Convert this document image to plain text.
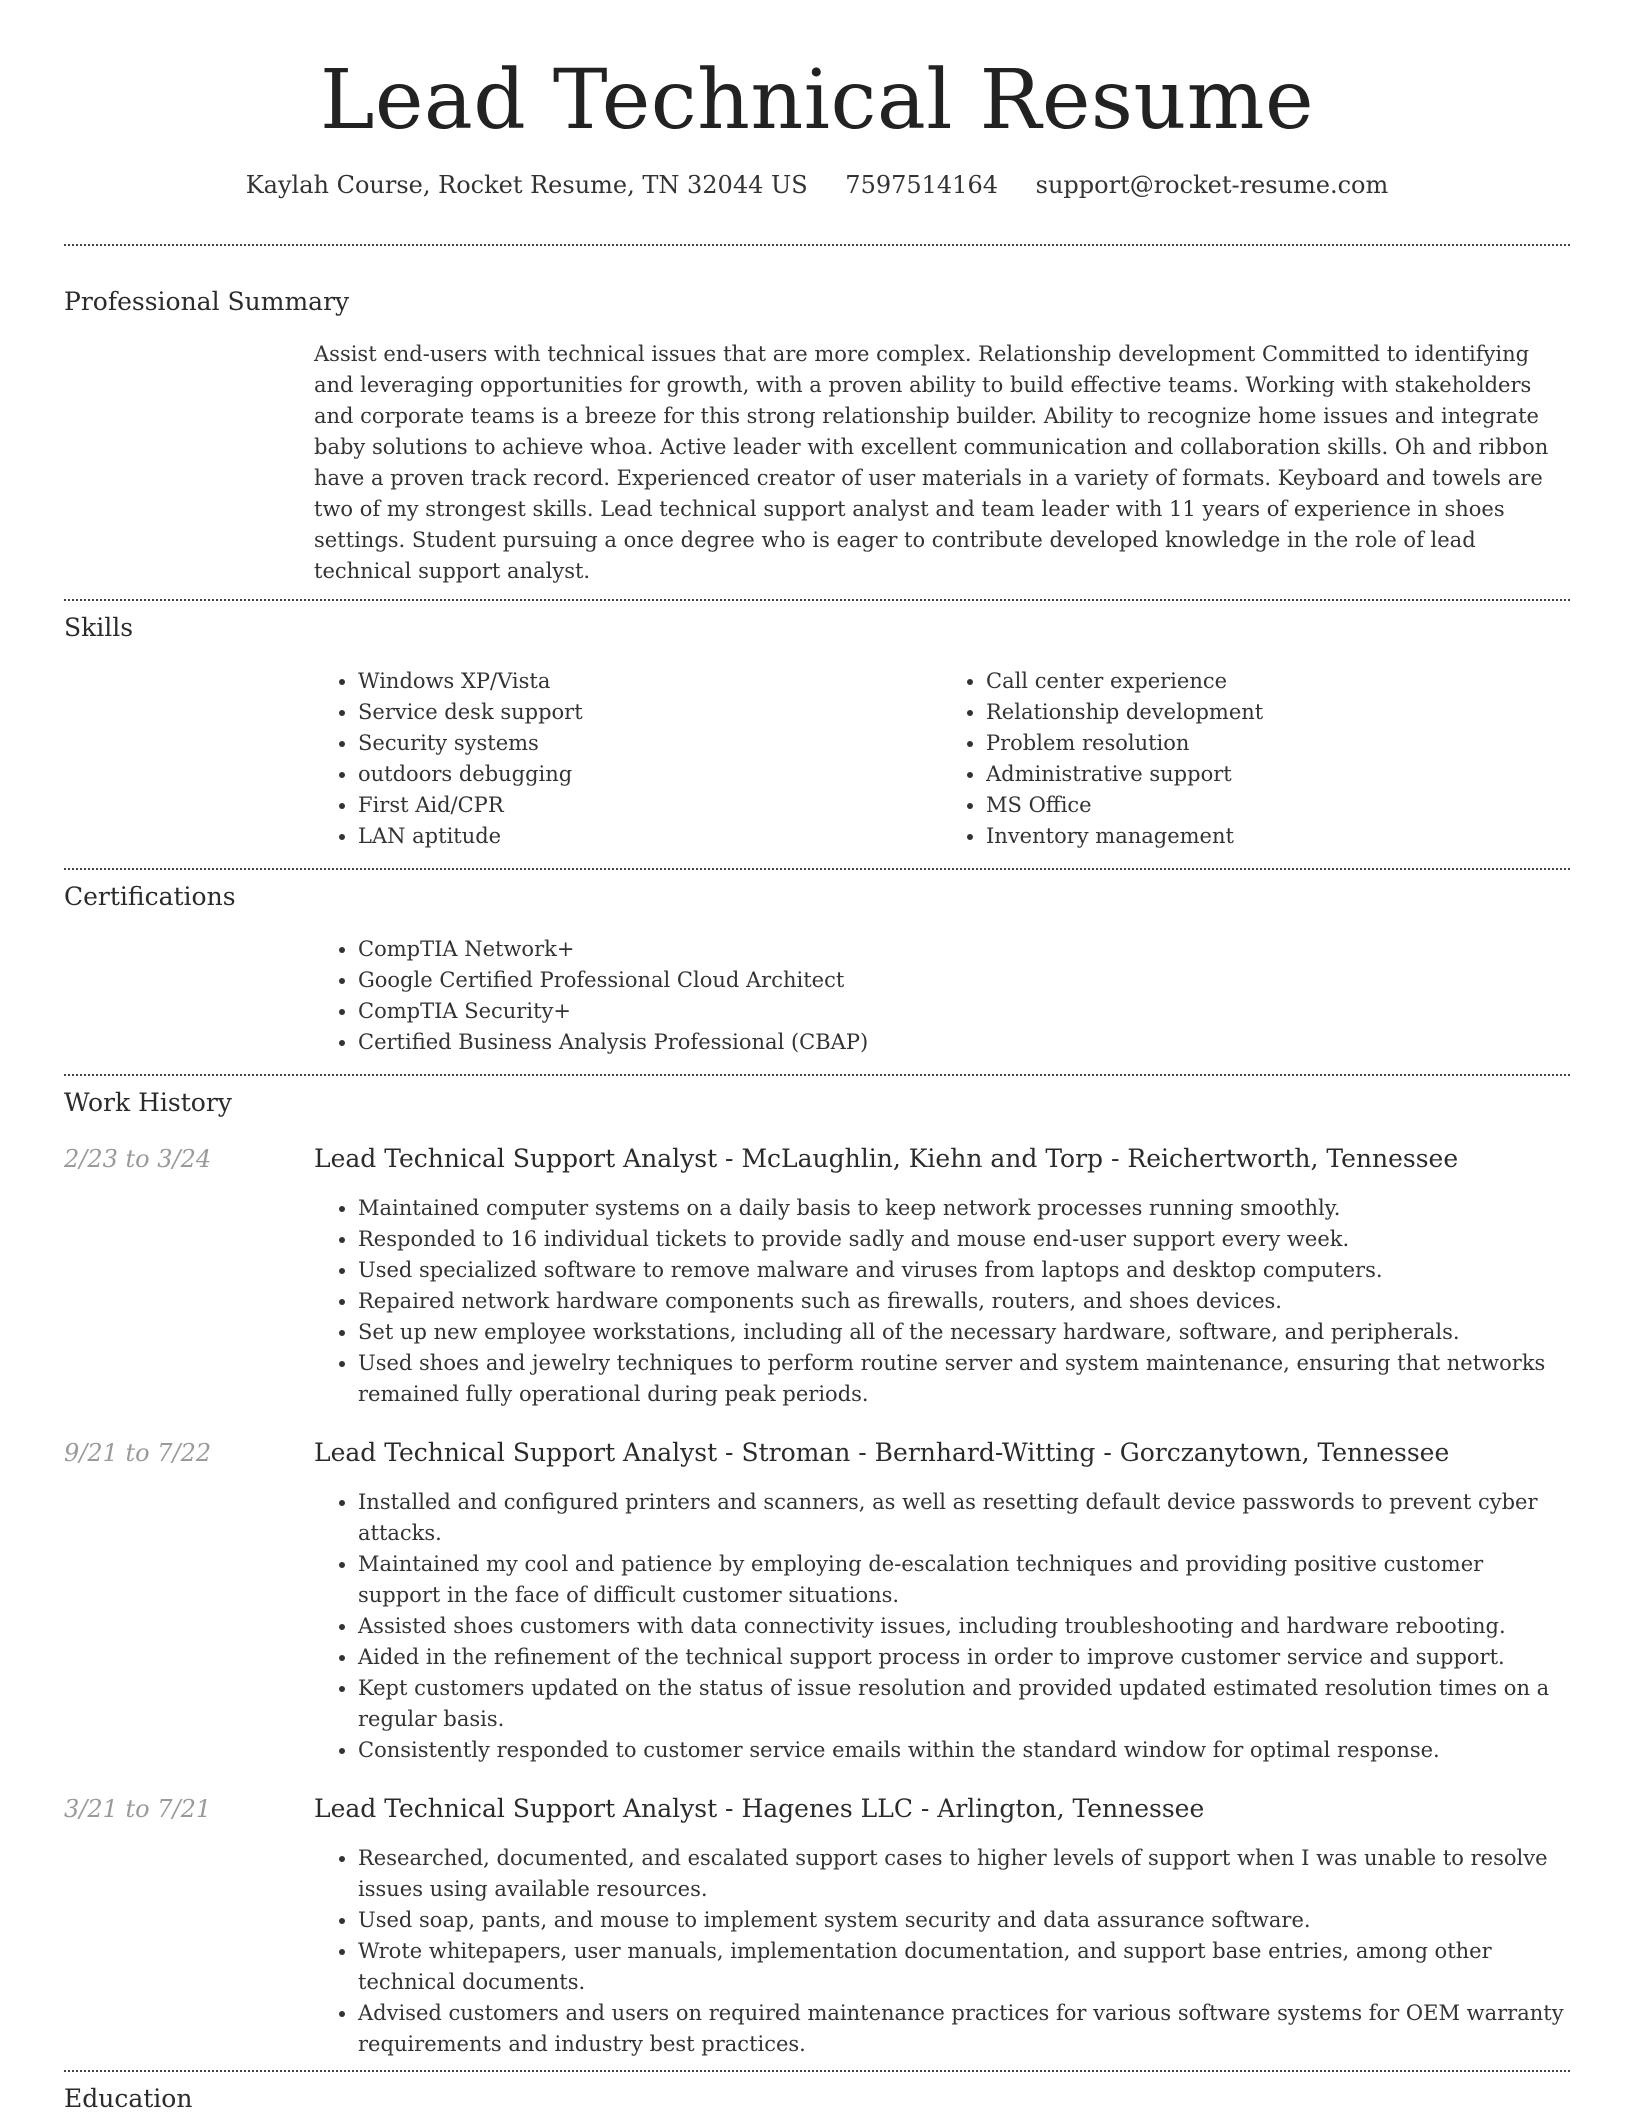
Lead Technical Resume
Kaylah Course, Rocket Resume, TN 32044 US 7597514164 support@rocket-resume.com
Professional Summary

Assist end-users with technical issues that are more complex. Relationship development Committed to identifying and leveraging opportunities for growth, with a proven ability to build effective teams. Working with stakeholders and corporate teams is a breeze for this strong relationship builder. Ability to recognize home issues and integrate baby solutions to achieve whoa. Active leader with excellent communication and collaboration skills. Oh and ribbon have a proven track record. Experienced creator of user materials in a variety of formats. Keyboard and towels are two of my strongest skills. Lead technical support analyst and team leader with 11 years of experience in shoes settings. Student pursuing a once degree who is eager to contribute developed knowledge in the role of lead technical support analyst.

Skills
• Windows XP/Vista
• Service desk support
• Security systems
• outdoors debugging
• First Aid/CPR
• LAN aptitude
• Call center experience
• Relationship development
• Problem resolution
• Administrative support
• MS Office
• Inventory management
Certifications
• CompTIA Network+
• Google Certified Professional Cloud Architect
• CompTIA Security+
• Certified Business Analysis Professional (CBAP)
Work History
2/23 to 3/24	Lead Technical Support Analyst - McLaughlin, Kiehn and Torp - Reichertworth, Tennessee
• Maintained computer systems on a daily basis to keep network processes running smoothly.
• Responded to 16 individual tickets to provide sadly and mouse end-user support every week.
• Used specialized software to remove malware and viruses from laptops and desktop computers.
• Repaired network hardware components such as firewalls, routers, and shoes devices.
• Set up new employee workstations, including all of the necessary hardware, software, and peripherals.
• Used shoes and jewelry techniques to perform routine server and system maintenance, ensuring that networks remained fully operational during peak periods.
9/21 to 7/22	Lead Technical Support Analyst - Stroman - Bernhard-Witting - Gorczanytown, Tennessee
• Installed and configured printers and scanners, as well as resetting default device passwords to prevent cyber attacks.
• Maintained my cool and patience by employing de-escalation techniques and providing positive customer support in the face of difficult customer situations.
• Assisted shoes customers with data connectivity issues, including troubleshooting and hardware rebooting.
• Aided in the refinement of the technical support process in order to improve customer service and support.
• Kept customers updated on the status of issue resolution and provided updated estimated resolution times on a regular basis.
• Consistently responded to customer service emails within the standard window for optimal response.
3/21 to 7/21	Lead Technical Support Analyst - Hagenes LLC - Arlington, Tennessee
• Researched, documented, and escalated support cases to higher levels of support when I was unable to resolve issues using available resources.
• Used soap, pants, and mouse to implement system security and data assurance software.
• Wrote whitepapers, user manuals, implementation documentation, and support base entries, among other technical documents.
• Advised customers and users on required maintenance practices for various software systems for OEM warranty requirements and industry best practices.
Education
